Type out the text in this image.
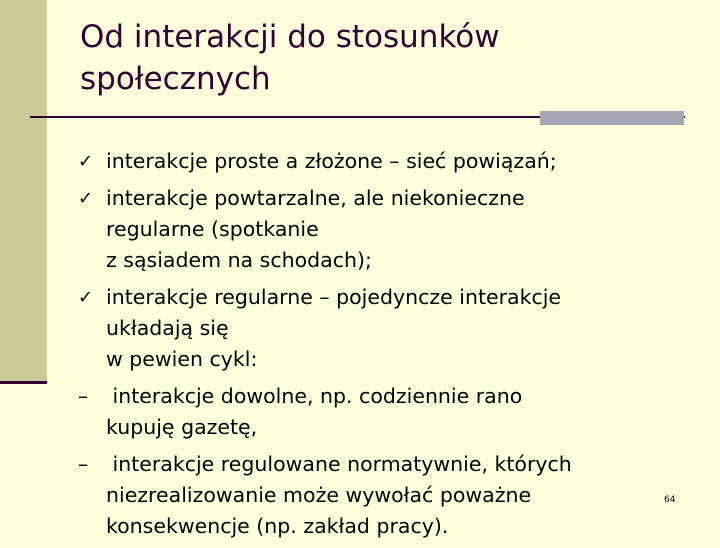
Od interakcji do stosunków
społecznych
✓ interakcje proste a złożone – sieć powiązań;
✓ interakcje powtarzalne, ale niekonieczne
regularne (spotkanie
z sąsiadem na schodach);
✓ interakcje regularne – pojedyncze interakcje
układają się
w pewien cykl:
– interakcje dowolne, np. codziennie rano
kupuję gazetę,
– interakcje regulowane normatywnie, których
niezrealizowanie może wywołać poważne
konsekwencje (np. zakład pracy).
64
